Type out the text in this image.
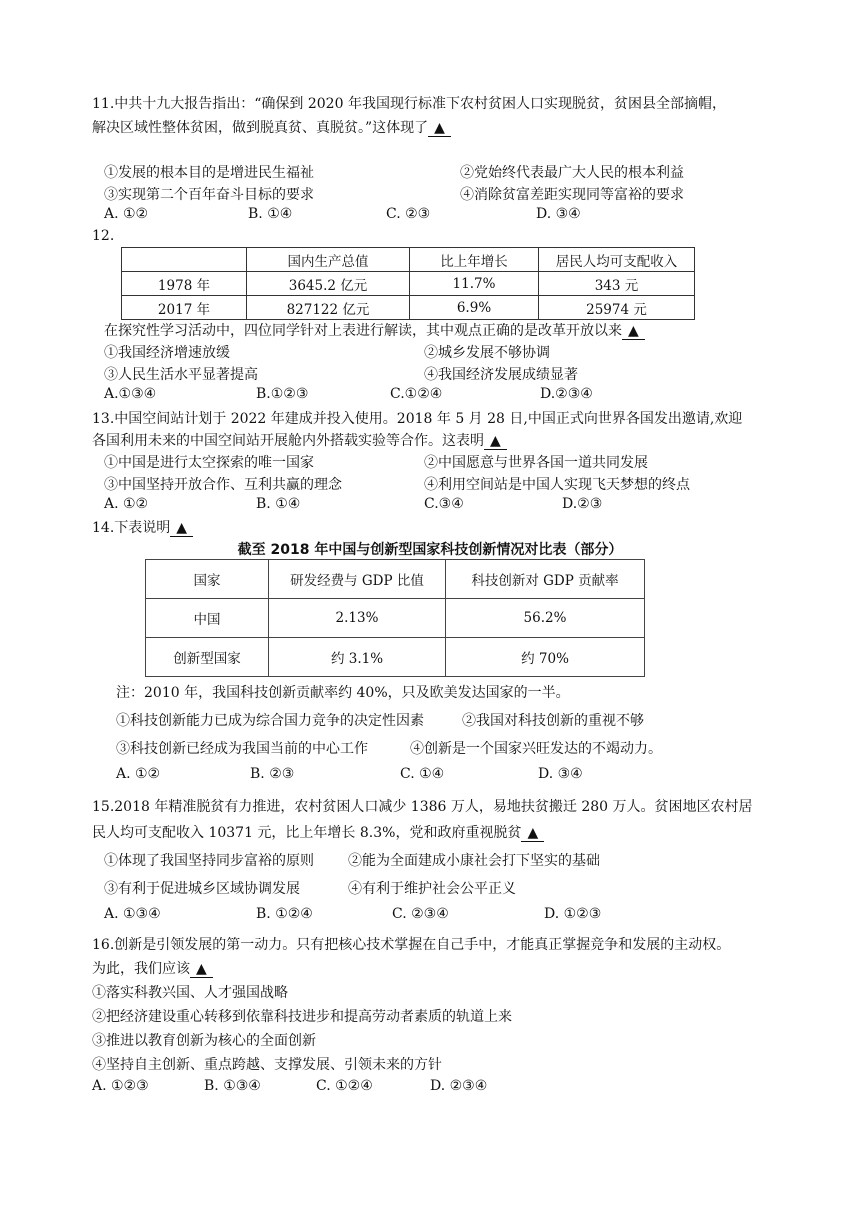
11.中共十九大报告指出：“确保到 2020 年我国现行标准下农村贫困人口实现脱贫，贫困县全部摘帽，
解决区域性整体贫困，做到脱真贫、真脱贫。”这体现了 ▲
①发展的根本目的是增进民生福祉	②党始终代表最广大人民的根本利益
③实现第二个百年奋斗目标的要求	④消除贫富差距实现同等富裕的要求
A. ①②	B. ①④	C. ②③	D. ③④
12.
	国内生产总值	比上年增长	居民人均可支配收入
1978 年	3645.2 亿元	11.7%	343 元
2017 年	827122 亿元	6.9%	25974 元
在探究性学习活动中，四位同学针对上表进行解读，其中观点正确的是改革开放以来 ▲
①我国经济增速放缓	②城乡发展不够协调
③人民生活水平显著提高	④我国经济发展成绩显著
A.①③④	B.①②③	C.①②④	D.②③④
13.中国空间站计划于 2022 年建成并投入使用。2018 年 5 月 28 日,中国正式向世界各国发出邀请,欢迎
各国利用未来的中国空间站开展舱内外搭载实验等合作。这表明 ▲
①中国是进行太空探索的唯一国家	②中国愿意与世界各国一道共同发展
③中国坚持开放合作、互利共赢的理念	④利用空间站是中国人实现飞天梦想的终点
A. ①②	B. ①④	C.③④	D.②③
14.下表说明 ▲
截至 2018 年中国与创新型国家科技创新情况对比表（部分）
国家	研发经费与 GDP 比值	科技创新对 GDP 贡献率
中国	2.13%	56.2%
创新型国家	约 3.1%	约 70%
注：2010 年，我国科技创新贡献率约 40%，只及欧美发达国家的一半。
①科技创新能力已成为综合国力竞争的决定性因素	②我国对科技创新的重视不够
③科技创新已经成为我国当前的中心工作	④创新是一个国家兴旺发达的不竭动力。
A. ①②	B. ②③	C. ①④	D. ③④
15.2018 年精准脱贫有力推进，农村贫困人口减少 1386 万人，易地扶贫搬迁 280 万人。贫困地区农村居
民人均可支配收入 10371 元，比上年增长 8.3%，党和政府重视脱贫 ▲
①体现了我国坚持同步富裕的原则 ②能为全面建成小康社会打下坚实的基础
③有利于促进城乡区域协调发展	④有利于维护社会公平正义
A. ①③④	B. ①②④	C. ②③④	D. ①②③
16.创新是引领发展的第一动力。只有把核心技术掌握在自己手中，才能真正掌握竞争和发展的主动权。
为此，我们应该 ▲
①落实科教兴国、人才强国战略
②把经济建设重心转移到依靠科技进步和提高劳动者素质的轨道上来
③推进以教育创新为核心的全面创新
④坚持自主创新、重点跨越、支撑发展、引领未来的方针
A. ①②③	B. ①③④	C. ①②④	D. ②③④
